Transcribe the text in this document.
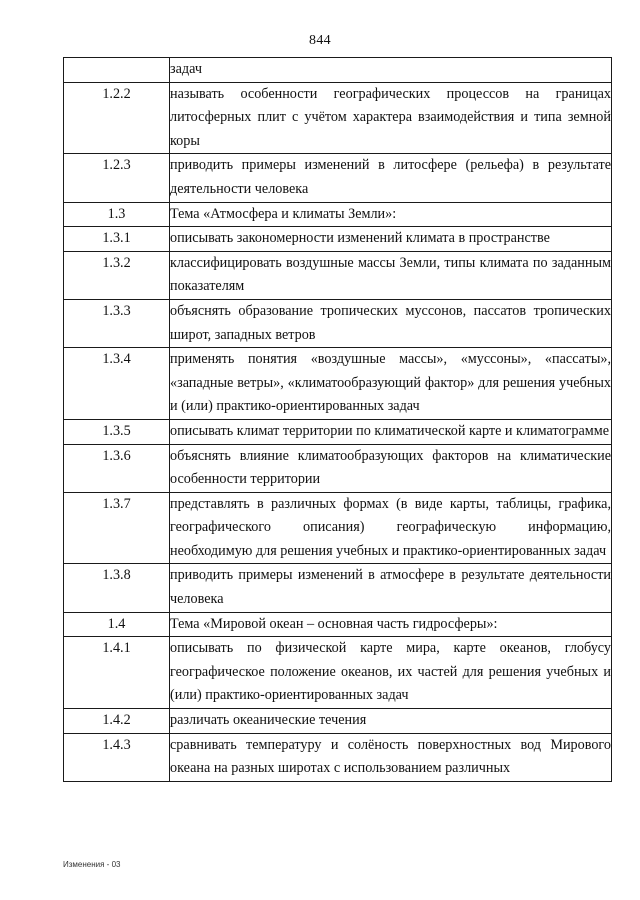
844
	задач
1.2.2	называть особенности географических процессов на границах литосферных плит с учётом характера взаимодействия и типа земной коры
1.2.3	приводить примеры изменений в литосфере (рельефа) в результате деятельности человека
1.3	Тема «Атмосфера и климаты Земли»:
1.3.1	описывать закономерности изменений климата в пространстве
1.3.2	классифицировать воздушные массы Земли, типы климата по заданным показателям
1.3.3	объяснять образование тропических муссонов, пассатов тропических широт, западных ветров
1.3.4	применять понятия «воздушные массы», «муссоны», «пассаты», «западные ветры», «климатообразующий фактор» для решения учебных и (или) практико-ориентированных задач
1.3.5	описывать климат территории по климатической карте и климатограмме
1.3.6	объяснять влияние климатообразующих факторов на климатические особенности территории
1.3.7	представлять в различных формах (в виде карты, таблицы, графика, географического описания) географическую информацию, необходимую для решения учебных и практико-ориентированных задач
1.3.8	приводить примеры изменений в атмосфере в результате деятельности человека
1.4	Тема «Мировой океан – основная часть гидросферы»:
1.4.1	описывать по физической карте мира, карте океанов, глобусу географическое положение океанов, их частей для решения учебных и (или) практико-ориентированных задач
1.4.2	различать океанические течения
1.4.3	сравнивать температуру и солёность поверхностных вод Мирового океана на разных широтах с использованием различных
Изменения - 03
